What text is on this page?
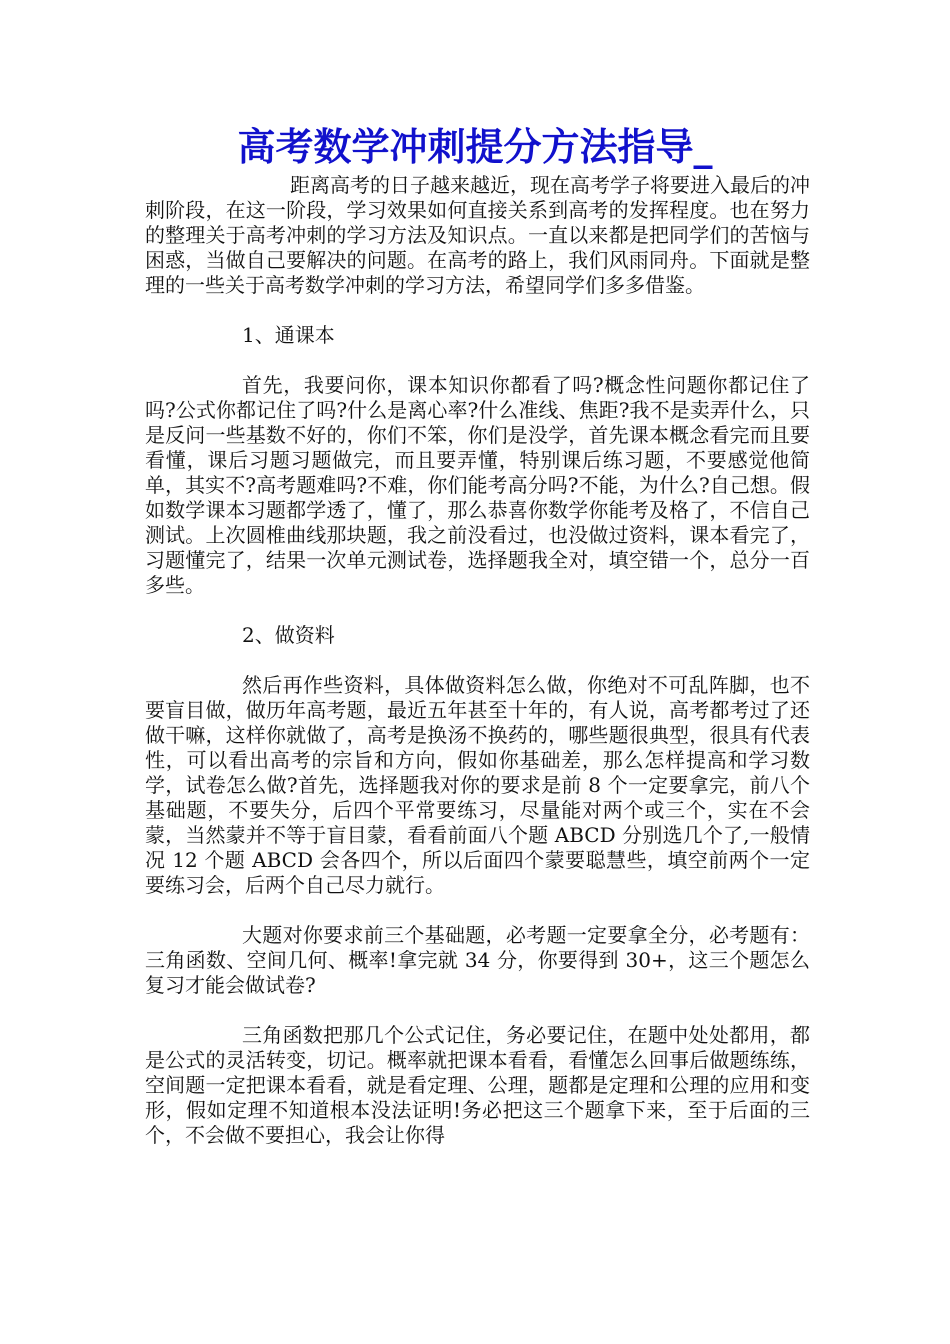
高考数学冲刺提分方法指导_

距离高考的日子越来越近，现在高考学子将要进入最后的冲刺阶段，在这一阶段，学习效果如何直接关系到高考的发挥程度。也在努力的整理关于高考冲刺的学习方法及知识点。一直以来都是把同学们的苦恼与困惑，当做自己要解决的问题。在高考的路上，我们风雨同舟。下面就是整理的一些关于高考数学冲刺的学习方法，希望同学们多多借鉴。

1、通课本

首先，我要问你，课本知识你都看了吗?概念性问题你都记住了吗?公式你都记住了吗?什么是离心率?什么准线、焦距?我不是卖弄什么，只是反问一些基数不好的，你们不笨，你们是没学，首先课本概念看完而且要看懂，课后习题习题做完，而且要弄懂，特别课后练习题，不要感觉他简单，其实不?高考题难吗?不难，你们能考高分吗?不能，为什么?自己想。假如数学课本习题都学透了，懂了，那么恭喜你数学你能考及格了，不信自己测试。上次圆椎曲线那块题，我之前没看过，也没做过资料，课本看完了，习题懂完了，结果一次单元测试卷，选择题我全对，填空错一个，总分一百多些。

2、做资料

然后再作些资料，具体做资料怎么做，你绝对不可乱阵脚，也不要盲目做，做历年高考题，最近五年甚至十年的，有人说，高考都考过了还做干嘛，这样你就做了，高考是换汤不换药的，哪些题很典型，很具有代表性，可以看出高考的宗旨和方向，假如你基础差，那么怎样提高和学习数学，试卷怎么做?首先，选择题我对你的要求是前 8 个一定要拿完，前八个基础题，不要失分，后四个平常要练习，尽量能对两个或三个，实在不会蒙，当然蒙并不等于盲目蒙，看看前面八个题 ABCD 分别选几个了,一般情况 12 个题 ABCD 会各四个，所以后面四个蒙要聪慧些，填空前两个一定要练习会，后两个自己尽力就行。

大题对你要求前三个基础题，必考题一定要拿全分，必考题有：三角函数、空间几何、概率!拿完就 34 分，你要得到 30+，这三个题怎么复习才能会做试卷?

三角函数把那几个公式记住，务必要记住，在题中处处都用，都是公式的灵活转变，切记。概率就把课本看看，看懂怎么回事后做题练练，空间题一定把课本看看，就是看定理、公理，题都是定理和公理的应用和变形，假如定理不知道根本没法证明!务必把这三个题拿下来，至于后面的三个，不会做不要担心，我会让你得
